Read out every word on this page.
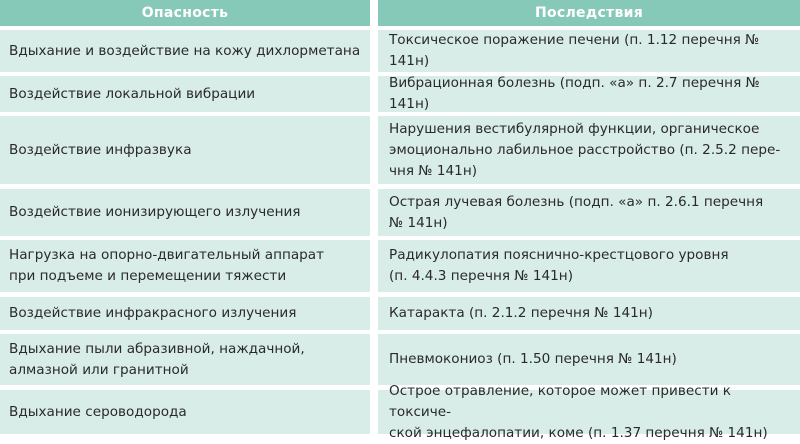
Опасность
Вдыхание и воздействие на кожу дихлорметана
Воздействие локальной вибрации
Воздействие инфразвука
Воздействие ионизирующего излучения
Нагрузка на опорно-двигательный аппарат
при подъеме и перемещении тяжести
Воздействие инфракрасного излучения
Вдыхание пыли абразивной, наждачной,
алмазной или гранитной
Вдыхание сероводорода
Последствия
Токсическое поражение печени (п. 1.12 перечня № 141н)
Вибрационная болезнь (подп. «а» п. 2.7 перечня № 141н)
Нарушения вестибулярной функции, органическое
эмоционально лабильное расстройство (п. 2.5.2 пере-
чня № 141н)
Острая лучевая болезнь (подп. «а» п. 2.6.1 перечня
№ 141н)
Радикулопатия пояснично-крестцового уровня
(п. 4.4.3 перечня № 141н)
Катаракта (п. 2.1.2 перечня № 141н)
Пневмокониоз (п. 1.50 перечня № 141н)
Острое отравление, которое может привести к токсиче-
ской энцефалопатии, коме (п. 1.37 перечня № 141н)
